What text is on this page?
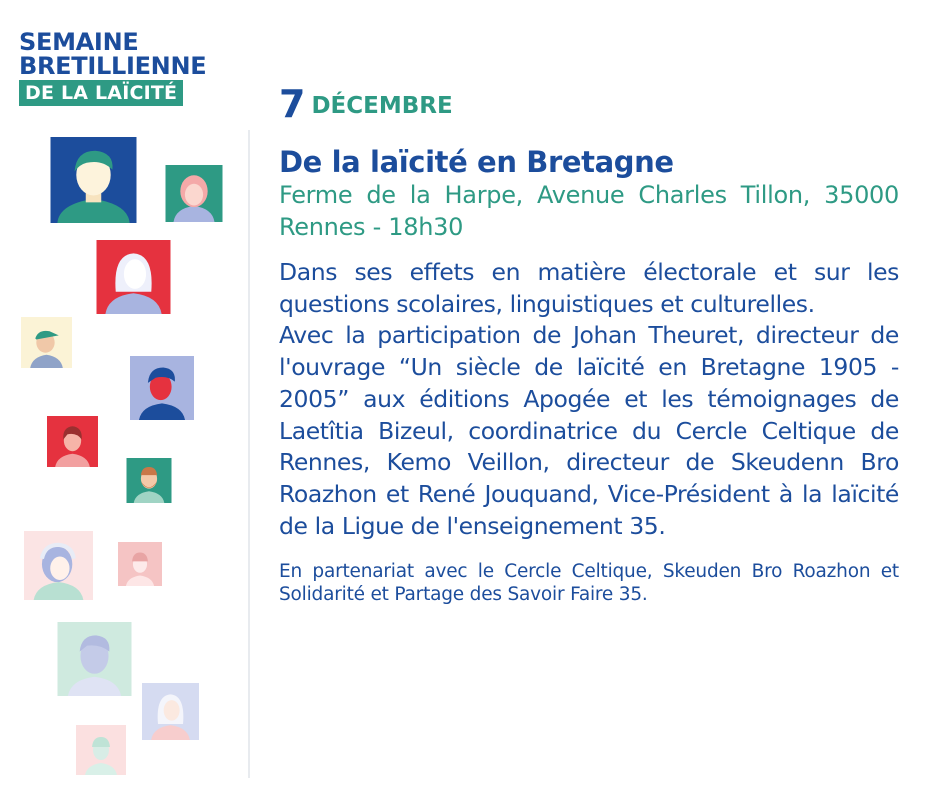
SEMAINE
BRETILLIENNE
DE LA LAÏCITÉ	7 DÉCEMBRE
De la laïcité en Bretagne

Ferme de la Harpe, Avenue Charles Tillon, 35000 Rennes - 18h30

Dans ses effets en matière électorale et sur les questions scolaires, linguistiques et culturelles.

Avec la participation de Johan Theuret, directeur de l'ouvrage “Un siècle de laïcité en Bretagne 1905 - 2005” aux éditions Apogée et les témoignages de Laetîtia Bizeul, coordinatrice du Cercle Celtique de Rennes, Kemo Veillon, directeur de Skeudenn Bro Roazhon et René Jouquand, Vice-Président à la laïcité de la Ligue de l'enseignement 35.

En partenariat avec le Cercle Celtique, Skeuden Bro Roazhon et Solidarité et Partage des Savoir Faire 35.
